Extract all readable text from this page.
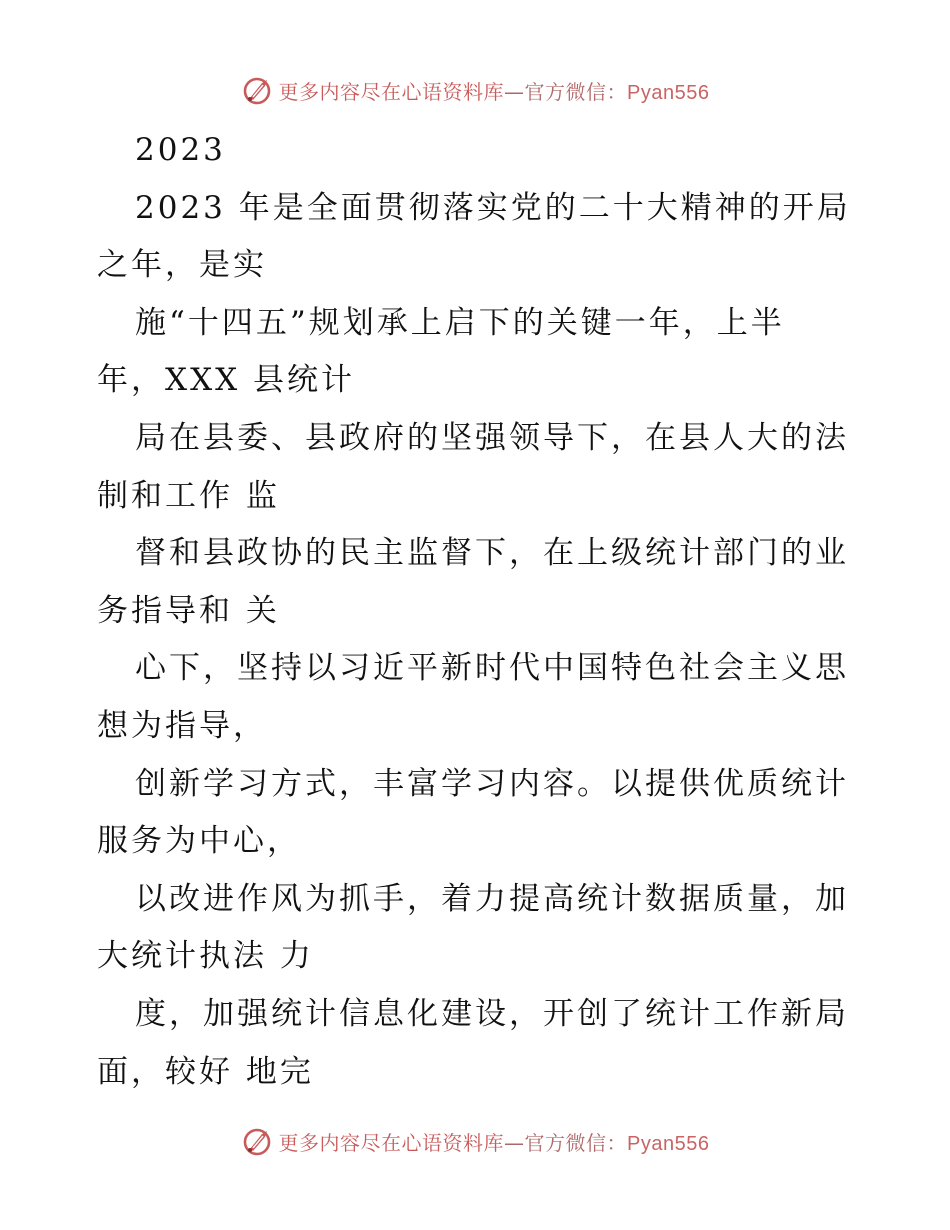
更多内容尽在心语资料库—官方微信：Pyan556
2023
2023 年是全面贯彻落实党的二十大精神的开局
之年，是实
施“十四五”规划承上启下的关键一年，上半
年，XXX 县统计
局在县委、县政府的坚强领导下，在县人大的法
制和工作 监
督和县政协的民主监督下，在上级统计部门的业
务指导和 关
心下，坚持以习近平新时代中国特色社会主义思
想为指导，
创新学习方式，丰富学习内容。以提供优质统计
服务为中心，
以改进作风为抓手，着力提高统计数据质量，加
大统计执法 力
度，加强统计信息化建设，开创了统计工作新局
面，较好 地完
更多内容尽在心语资料库—官方微信：Pyan556
